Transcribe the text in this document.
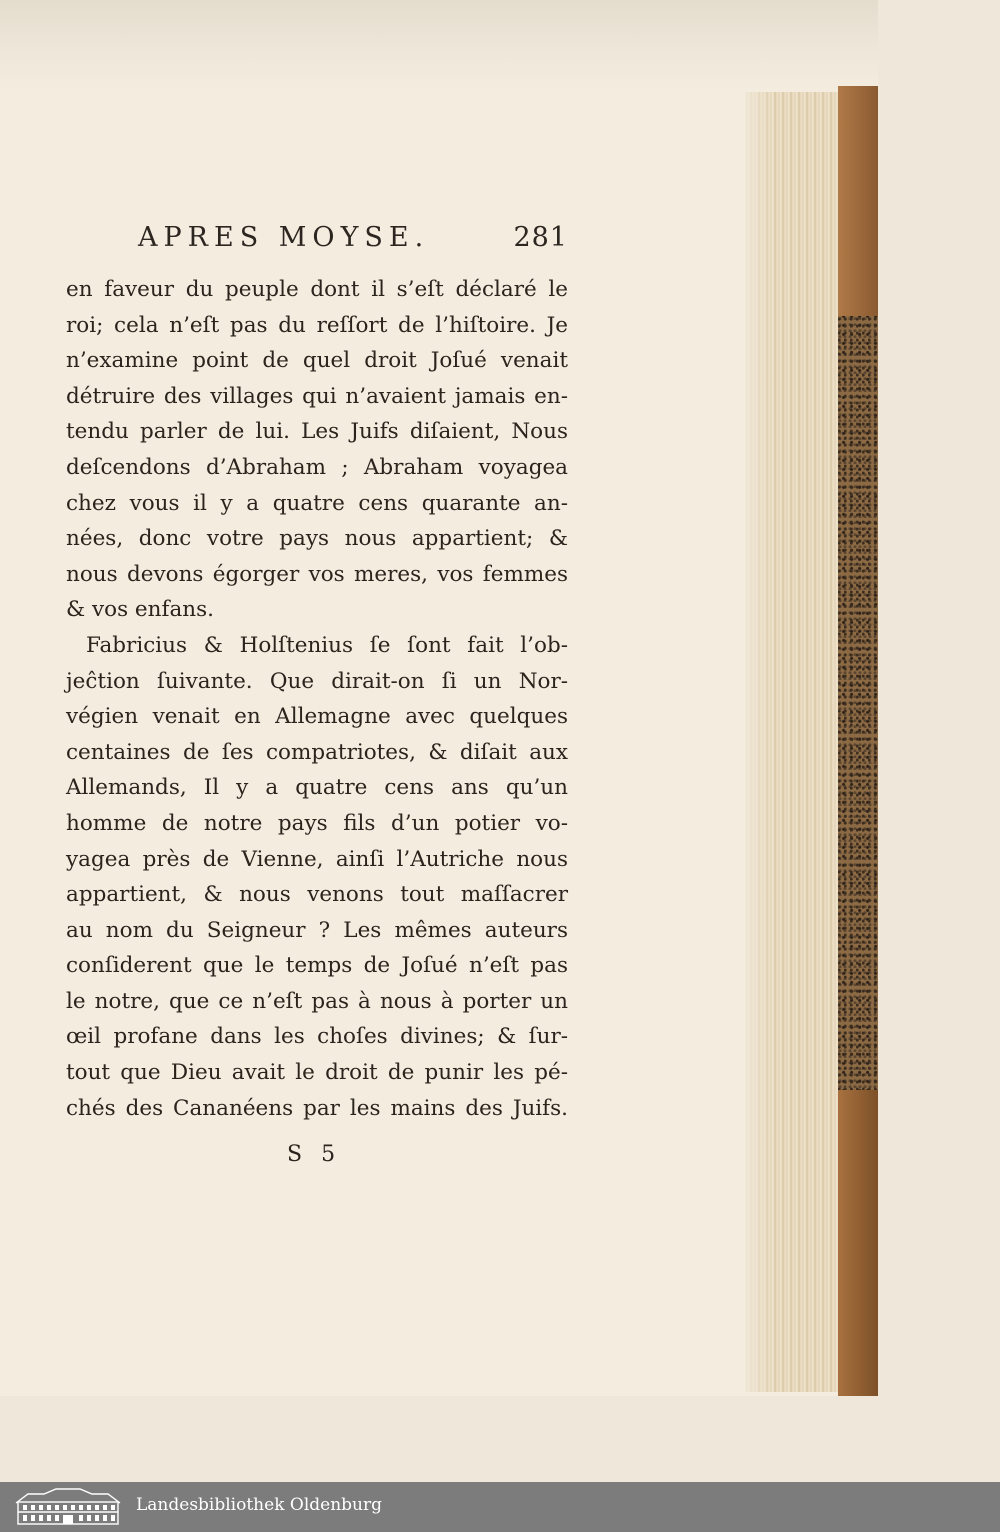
APRES MOYSE.	281
en faveur du peuple dont il s’eſt déclaré le
roi; cela n’eſt pas du reſſort de l’hiſtoire. Je
n’examine point de quel droit Joſué venait
détruire des villages qui n’avaient jamais en-
tendu parler de lui. Les Juifs diſaient, Nous
deſcendons d’Abraham ; Abraham voyagea
chez vous il y a quatre cens quarante an-
nées, donc votre pays nous appartient; &
nous devons égorger vos meres, vos femmes
& vos enfans.
Fabricius & Holſtenius ſe ſont fait l’ob-
jeĉtion ſuivante. Que dirait-on ſi un Nor-
végien venait en Allemagne avec quelques
centaines de ſes compatriotes, & diſait aux
Allemands, Il y a quatre cens ans qu’un
homme de notre pays fils d’un potier vo-
yagea près de Vienne, ainſi l’Autriche nous
appartient, & nous venons tout maſſacrer
au nom du Seigneur ? Les mêmes auteurs
conſiderent que le temps de Joſué n’eſt pas
le notre, que ce n’eſt pas à nous à porter un
œil profane dans les choſes divines; & ſur-
tout que Dieu avait le droit de punir les pé-
chés des Cananéens par les mains des Juifs.
S 5
Landesbibliothek Oldenburg
